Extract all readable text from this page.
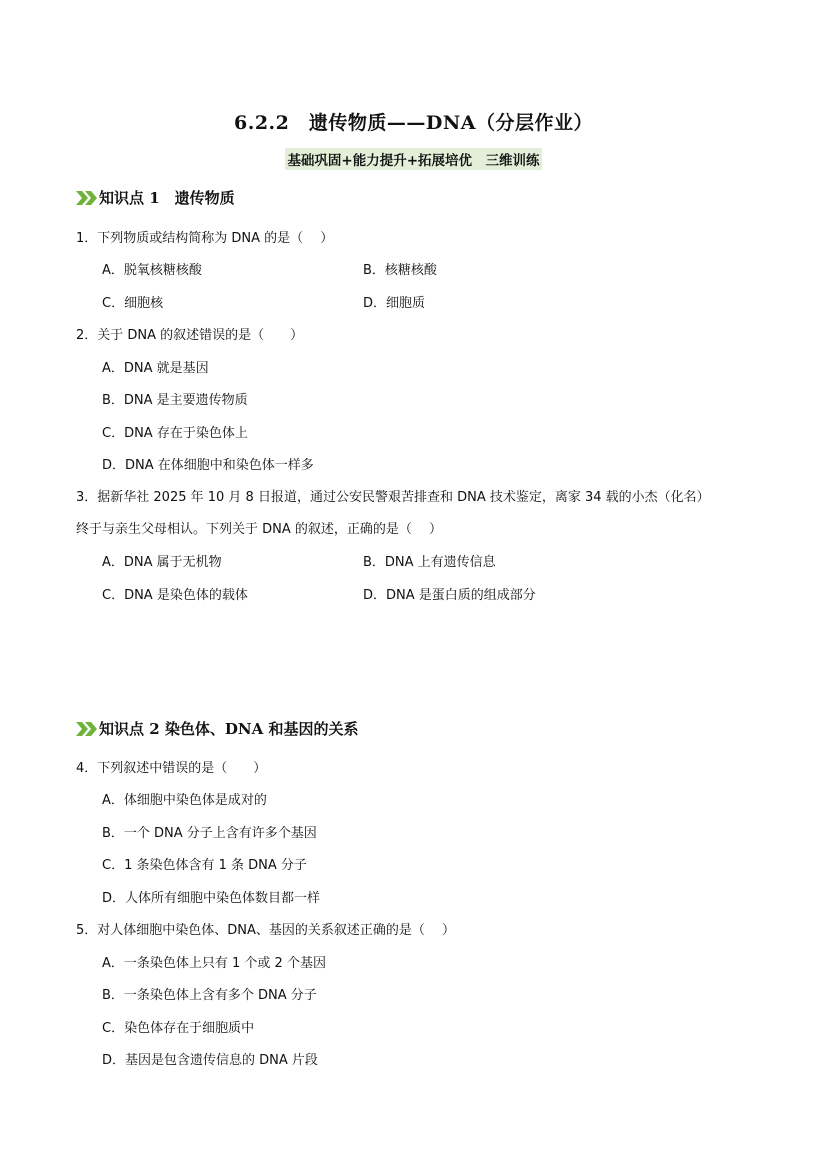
6.2.2　遗传物质——DNA（分层作业）
基础巩固+能力提升+拓展培优　三维训练
知识点 1　遗传物质
1．下列物质或结构简称为 DNA 的是（　 ）
A．脱氧核糖核酸	B．核糖核酸
C．细胞核	D．细胞质
2．关于 DNA 的叙述错误的是（　　）
A．DNA 就是基因
B．DNA 是主要遗传物质
C．DNA 存在于染色体上
D．DNA 在体细胞中和染色体一样多
3．据新华社 2025 年 10 月 8 日报道，通过公安民警艰苦排查和 DNA 技术鉴定，离家 34 载的小杰（化名）
终于与亲生父母相认。下列关于 DNA 的叙述，正确的是（　 ）
A．DNA 属于无机物	B．DNA 上有遗传信息
C．DNA 是染色体的载体	D．DNA 是蛋白质的组成部分
知识点 2 染色体、DNA 和基因的关系
4．下列叙述中错误的是（　　）
A．体细胞中染色体是成对的
B．一个 DNA 分子上含有许多个基因
C．1 条染色体含有 1 条 DNA 分子
D．人体所有细胞中染色体数目都一样
5．对人体细胞中染色体、DNA、基因的关系叙述正确的是（　 ）
A．一条染色体上只有 1 个或 2 个基因
B．一条染色体上含有多个 DNA 分子
C．染色体存在于细胞质中
D．基因是包含遗传信息的 DNA 片段
